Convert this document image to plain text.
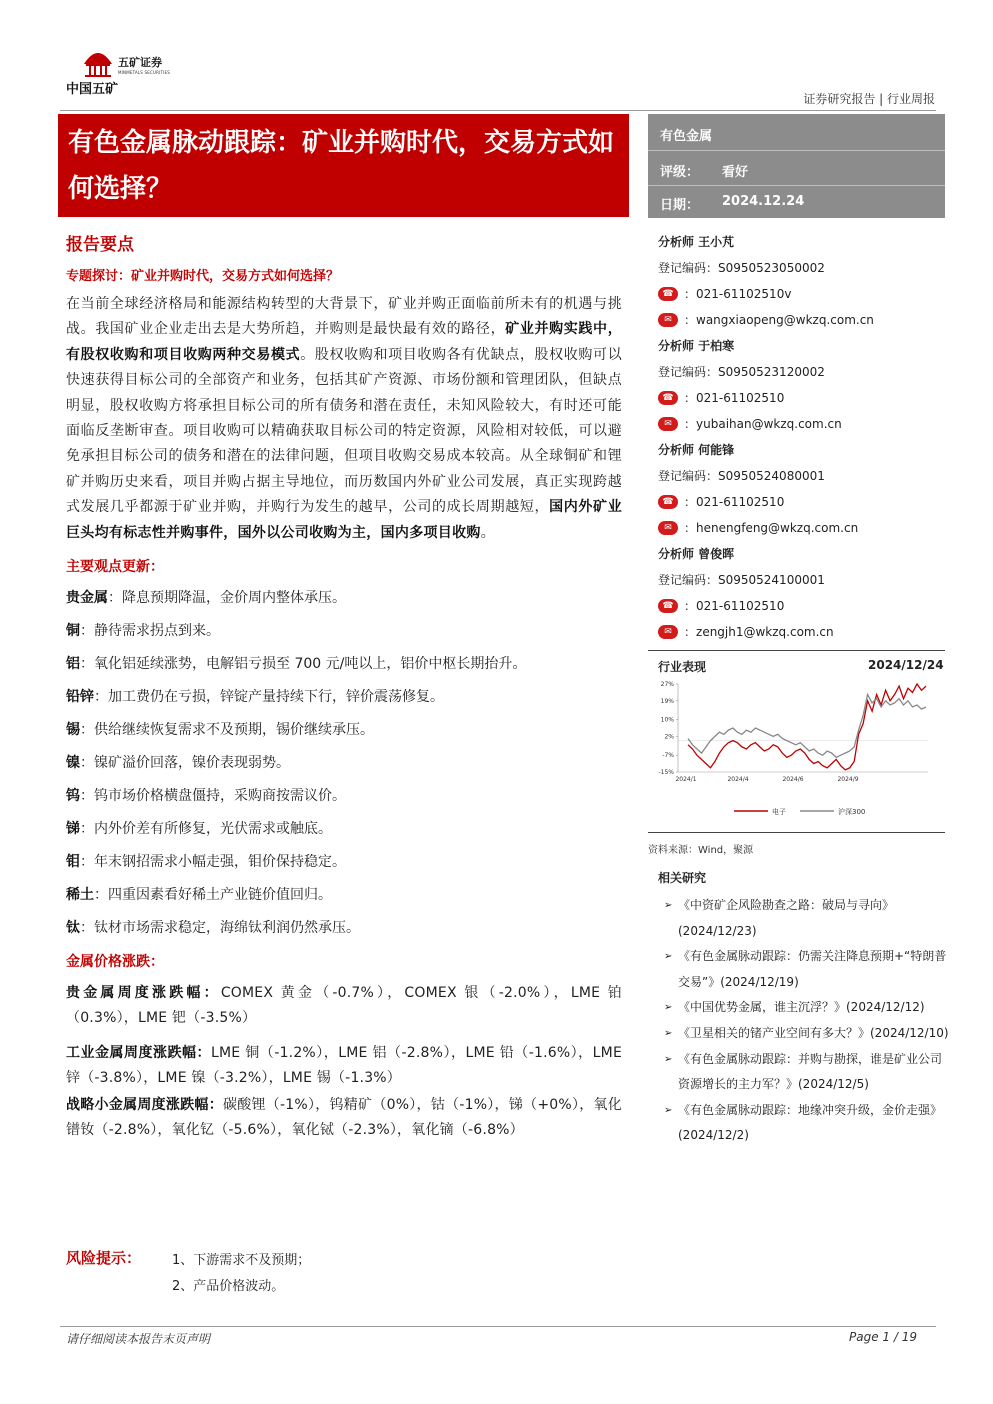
中国五矿
五矿证券
MINMETALS SECURITIES
证券研究报告 | 行业周报
有色金属脉动跟踪：矿业并购时代，交易方式如何选择？
有色金属
评级： 看好
日期： 2024.12.24
报告要点
专题探讨：矿业并购时代，交易方式如何选择？
在当前全球经济格局和能源结构转型的大背景下，矿业并购正面临前所未有的机遇与挑战。我国矿业企业走出去是大势所趋，并购则是最快最有效的路径，矿业并购实践中，有股权收购和项目收购两种交易模式。股权收购和项目收购各有优缺点，股权收购可以快速获得目标公司的全部资产和业务，包括其矿产资源、市场份额和管理团队，但缺点明显，股权收购方将承担目标公司的所有债务和潜在责任，未知风险较大，有时还可能面临反垄断审查。项目收购可以精确获取目标公司的特定资源，风险相对较低，可以避免承担目标公司的债务和潜在的法律问题，但项目收购交易成本较高。从全球铜矿和锂矿并购历史来看，项目并购占据主导地位，而历数国内外矿业公司发展，真正实现跨越式发展几乎都源于矿业并购，并购行为发生的越早，公司的成长周期越短，国内外矿业巨头均有标志性并购事件，国外以公司收购为主，国内多项目收购。
主要观点更新：
贵金属：降息预期降温，金价周内整体承压。
铜：静待需求拐点到来。
铝：氧化铝延续涨势，电解铝亏损至 700 元/吨以上，铝价中枢长期抬升。
铅锌：加工费仍在亏损，锌锭产量持续下行，锌价震荡修复。
锡：供给继续恢复需求不及预期，锡价继续承压。
镍：镍矿溢价回落，镍价表现弱势。
钨：钨市场价格横盘僵持，采购商按需议价。
锑：内外价差有所修复，光伏需求或触底。
钼：年末钢招需求小幅走强，钼价保持稳定。
稀土：四重因素看好稀土产业链价值回归。
钛：钛材市场需求稳定，海绵钛利润仍然承压。
金属价格涨跌：
贵金属周度涨跌幅：COMEX 黄金（-0.7%），COMEX 银（-2.0%），LME 铂（0.3%），LME 钯（-3.5%）
工业金属周度涨跌幅：LME 铜（-1.2%），LME 铝（-2.8%），LME 铅（-1.6%），LME 锌（-3.8%），LME 镍（-3.2%），LME 锡（-1.3%）
战略小金属周度涨跌幅：碳酸锂（-1%），钨精矿（0%），钴（-1%），锑（+0%），氧化镨钕（-2.8%），氧化钇（-5.6%），氧化铽（-2.3%），氧化镝（-6.8%）
风险提示： 1、下游需求不及预期；
2、产品价格波动。
分析师 王小芃
登记编码：S0950523050002
☎ ： 021-61102510v
✉	： wangxiaopeng@wkzq.com.cn
分析师 于柏寒
登记编码：S0950523120002
☎ ： 021-61102510
✉	： yubaihan@wkzq.com.cn
分析师 何能锋
登记编码：S0950524080001
☎ ： 021-61102510
✉	： henengfeng@wkzq.com.cn
分析师 曾俊晖
登记编码：S0950524100001
☎ ： 021-61102510
✉	： zengjh1@wkzq.com.cn
行业表现	2024/12/24
27%
19%
10%
2%
-7%
-15%
2024/1	2024/4	2024/6	2024/9
电子	沪深300
资料来源：Wind，聚源
相关研究
➢ 《中资矿企风险勘查之路：破局与寻向》(2024/12/23)
➢ 《有色金属脉动跟踪：仍需关注降息预期+“特朗普交易”》(2024/12/19)
➢ 《中国优势金属，谁主沉浮？》(2024/12/12)
➢ 《卫星相关的锗产业空间有多大？》(2024/12/10)
➢ 《有色金属脉动跟踪：并购与勘探，谁是矿业公司资源增长的主力军？》(2024/12/5)
➢ 《有色金属脉动跟踪：地缘冲突升级，金价走强》(2024/12/2)
请仔细阅读本报告末页声明	Page 1 / 19
